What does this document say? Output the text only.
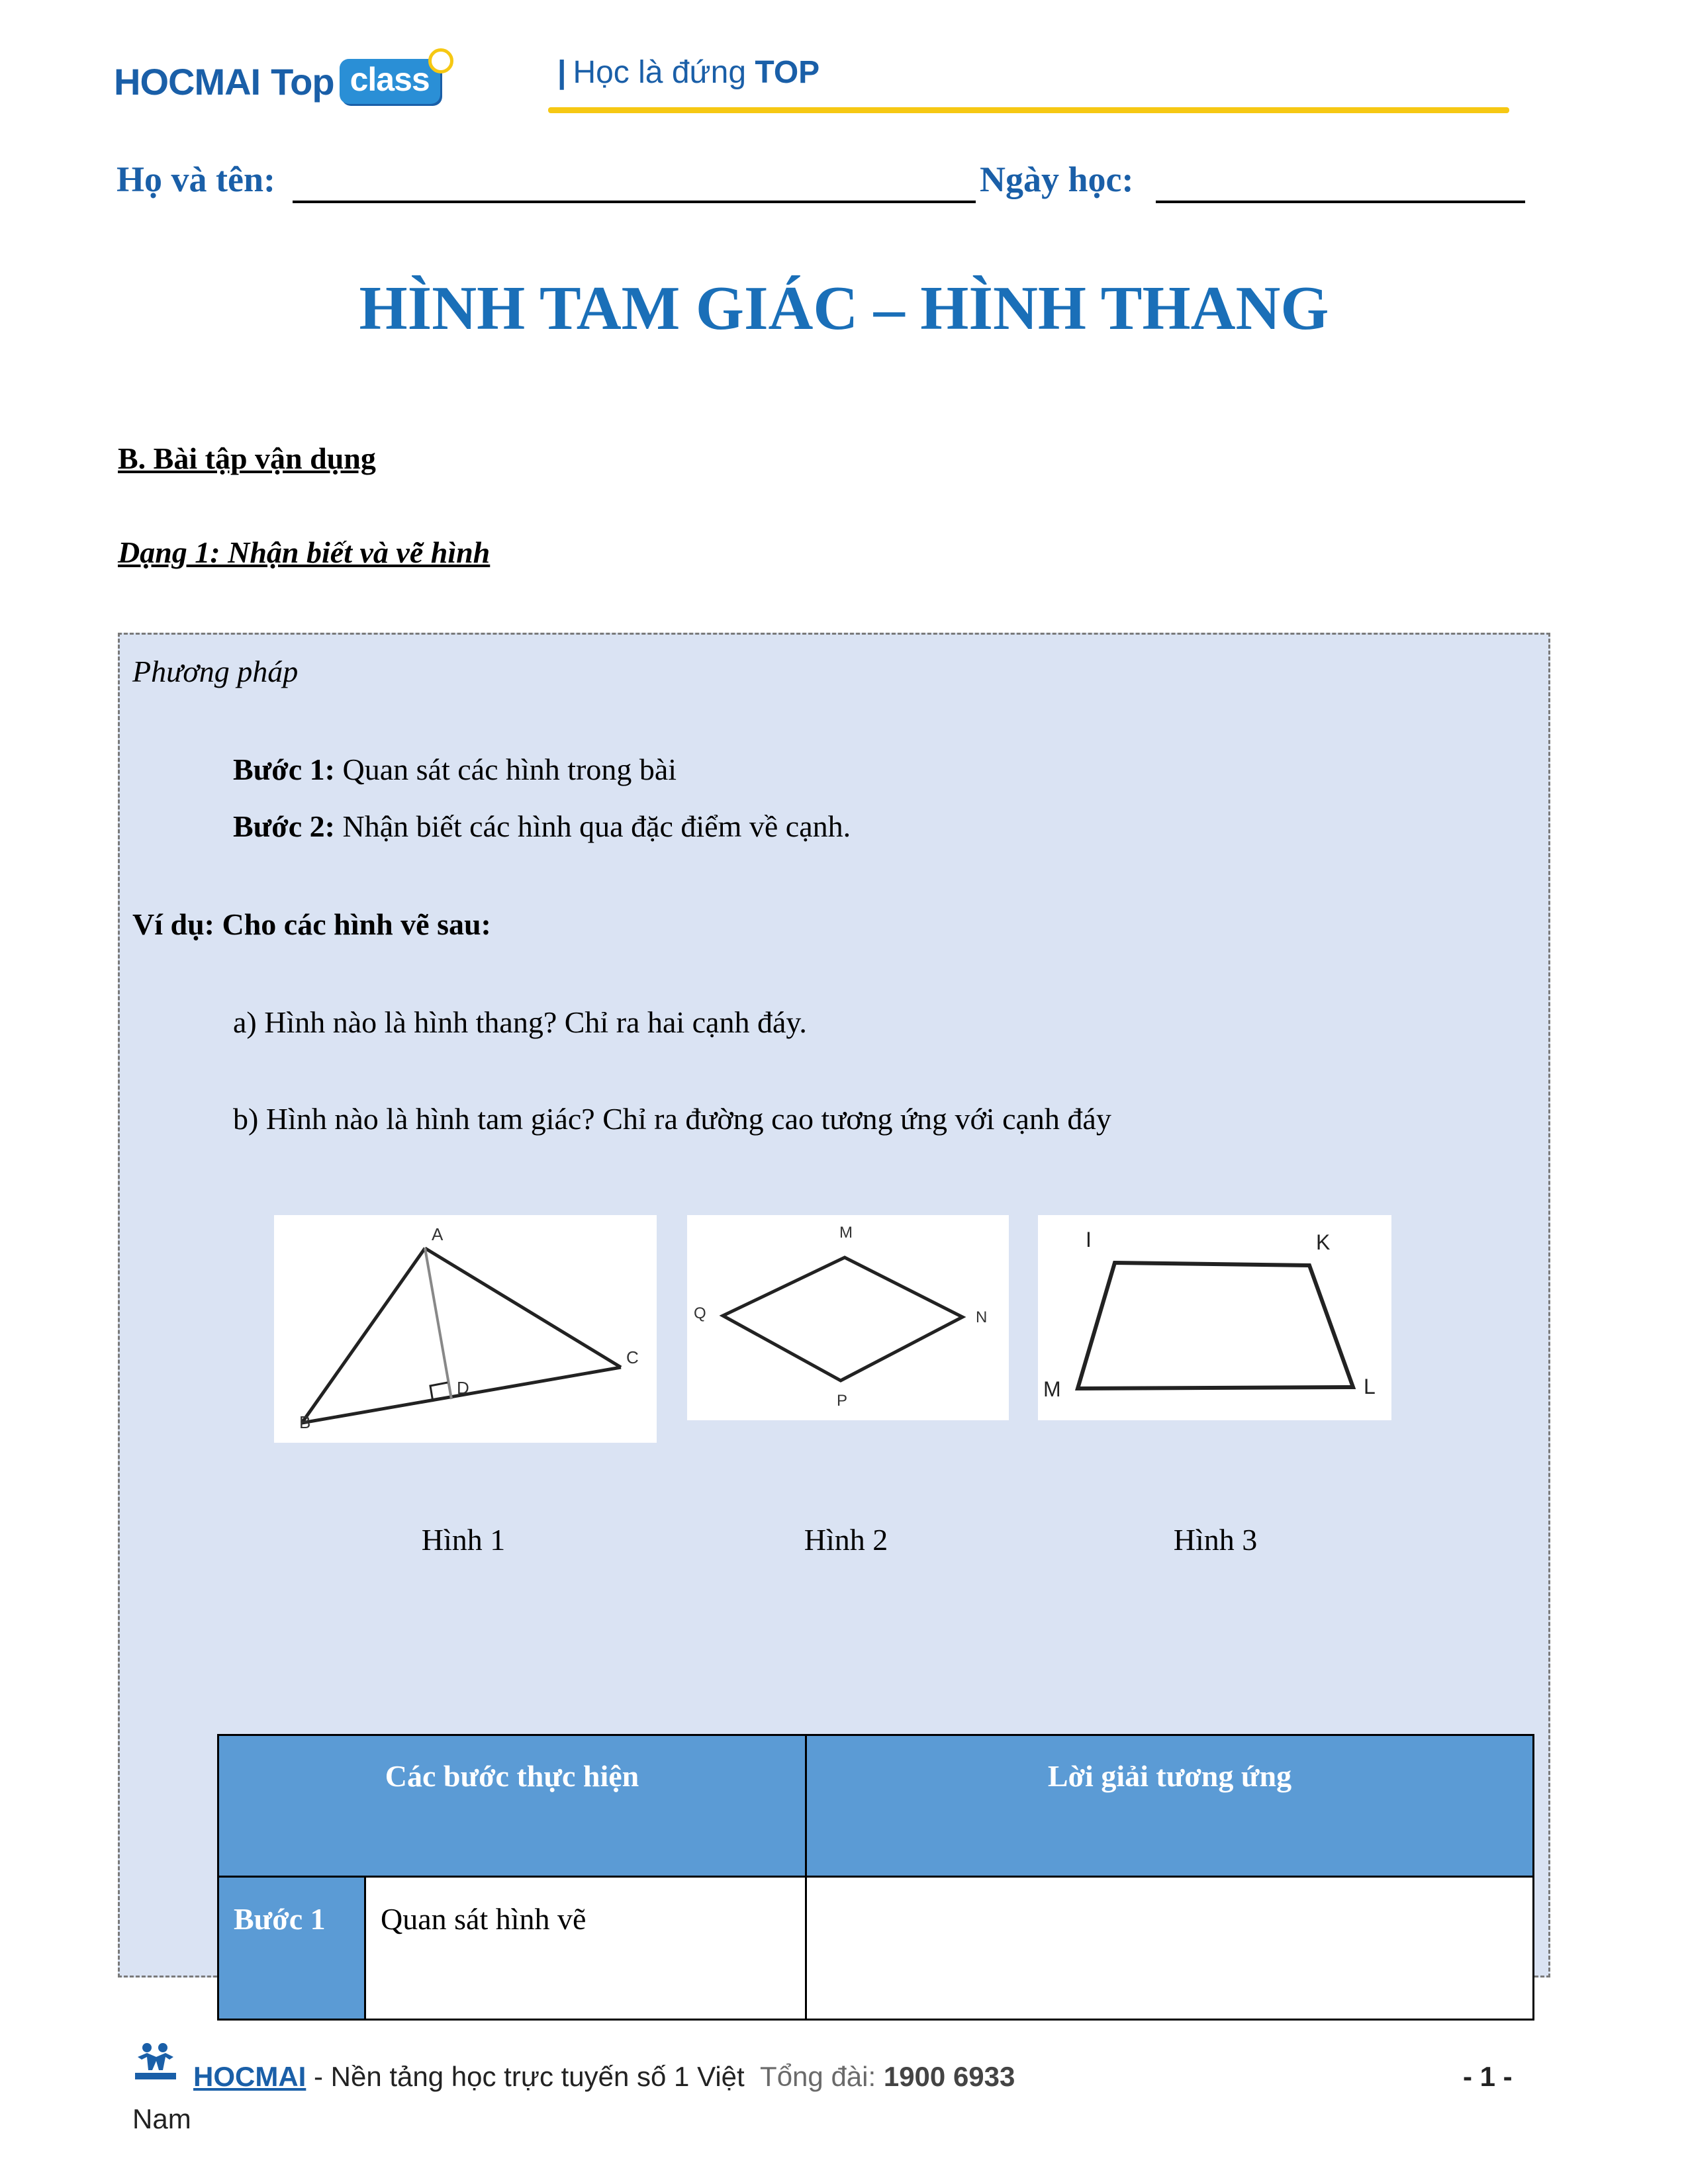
HOCMAI Top class	| Học là đứng TOP
Họ và tên:	Ngày học:
HÌNH TAM GIÁC – HÌNH THANG
B. Bài tập vận dụng
Dạng 1: Nhận biết và vẽ hình
Phương pháp
Bước 1: Quan sát các hình trong bài
Bước 2: Nhận biết các hình qua đặc điểm về cạnh.
Ví dụ: Cho các hình vẽ sau:
a) Hình nào là hình thang? Chỉ ra hai cạnh đáy.
b) Hình nào là hình tam giác? Chỉ ra đường cao tương ứng với cạnh đáy
A
B
C
D
M
N
P
Q
I	K
L
M
Hình 1	Hình 2	Hình 3
Các bước thực hiện		Lời giải tương ứng
Bước 1	Quan sát hình vẽ	
HOCMAI - Nền tảng học trực tuyến số 1 Việt Tổng đài: 1900 6933
Nam
- 1 -
